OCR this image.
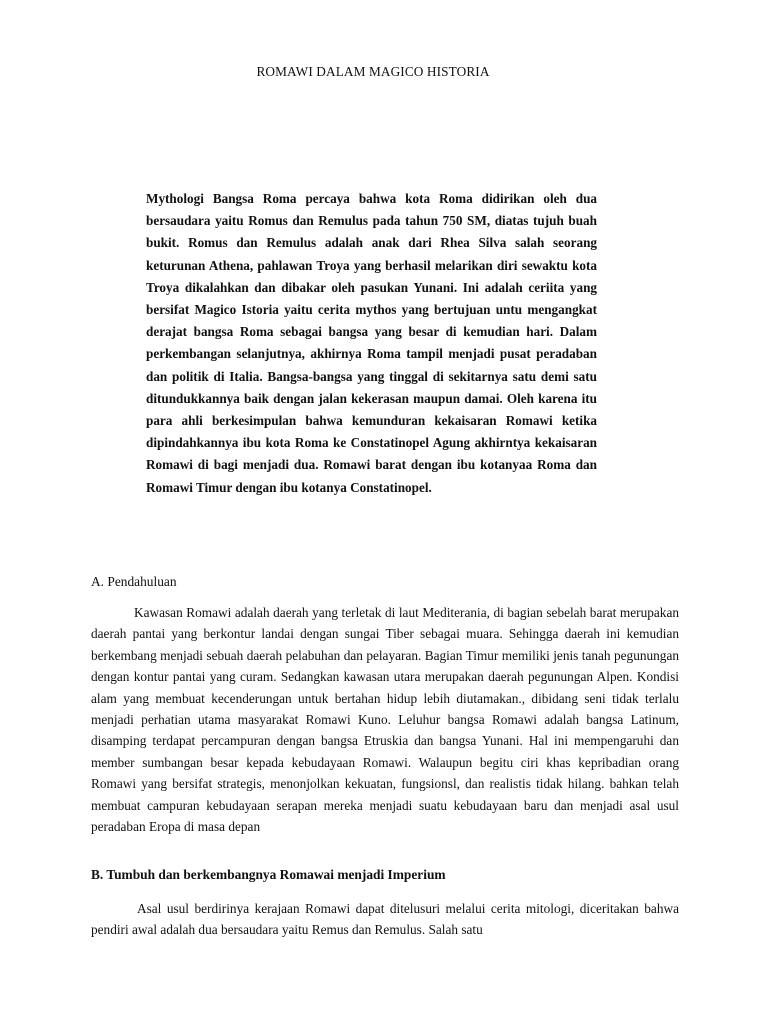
ROMAWI DALAM MAGICO HISTORIA

Mythologi Bangsa Roma percaya bahwa kota Roma didirikan oleh dua bersaudara yaitu Romus dan Remulus pada tahun 750 SM, diatas tujuh buah bukit. Romus dan Remulus adalah anak dari Rhea Silva salah seorang keturunan Athena, pahlawan Troya yang berhasil melarikan diri sewaktu kota Troya dikalahkan dan dibakar oleh pasukan Yunani. Ini adalah ceriita yang bersifat Magico Istoria yaitu cerita mythos yang bertujuan untu mengangkat derajat bangsa Roma sebagai bangsa yang besar di kemudian hari. Dalam perkembangan selanjutnya, akhirnya Roma tampil menjadi pusat peradaban dan politik di Italia. Bangsa-bangsa yang tinggal di sekitarnya satu demi satu ditundukkannya baik dengan jalan kekerasan maupun damai. Oleh karena itu para ahli berkesimpulan bahwa kemunduran kekaisaran Romawi ketika dipindahkannya ibu kota Roma ke Constatinopel Agung akhirntya kekaisaran Romawi di bagi menjadi dua. Romawi barat dengan ibu kotanyaa Roma dan Romawi Timur dengan ibu kotanya Constatinopel.

A. Pendahuluan

Kawasan Romawi adalah daerah yang terletak di laut Mediterania, di bagian sebelah barat merupakan daerah pantai yang berkontur landai dengan sungai Tiber sebagai muara. Sehingga daerah ini kemudian berkembang menjadi sebuah daerah pelabuhan dan pelayaran. Bagian Timur memiliki jenis tanah pegunungan dengan kontur pantai yang curam. Sedangkan kawasan utara merupakan daerah pegunungan Alpen. Kondisi alam yang membuat kecenderungan untuk bertahan hidup lebih diutamakan., dibidang seni tidak terlalu menjadi perhatian utama masyarakat Romawi Kuno. Leluhur bangsa Romawi adalah bangsa Latinum, disamping terdapat percampuran dengan bangsa Etruskia dan bangsa Yunani. Hal ini mempengaruhi dan member sumbangan besar kepada kebudayaan Romawi. Walaupun begitu ciri khas kepribadian orang Romawi yang bersifat strategis, menonjolkan kekuatan, fungsionsl, dan realistis tidak hilang. bahkan telah membuat campuran kebudayaan serapan mereka menjadi suatu kebudayaan baru dan menjadi asal usul peradaban Eropa di masa depan

B. Tumbuh dan berkembangnya Romawai menjadi Imperium

Asal usul berdirinya kerajaan Romawi dapat ditelusuri melalui cerita mitologi, diceritakan bahwa pendiri awal adalah dua bersaudara yaitu Remus dan Remulus. Salah satu
